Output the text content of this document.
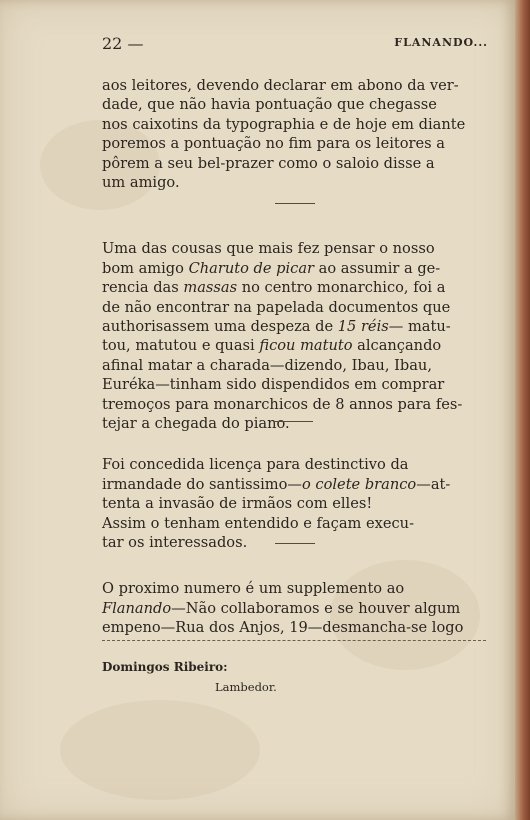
22 —	FLANANDO...
aos leitores, devendo declarar em abono da ver-
dade, que não havia pontuação que chegasse
nos caixotins da typographia e de hoje em diante
poremos a pontuação no fim para os leitores a
pôrem a seu bel-prazer como o saloio disse a
um amigo.

Uma das cousas que mais fez pensar o nosso
bom amigo Charuto de picar ao assumir a ge-
rencia das massas no centro monarchico, foi a
de não encontrar na papelada documentos que
authorisassem uma despeza de 15 réis— matu-
tou, matutou e quasi ficou matuto alcançando
afinal matar a charada—dizendo, Ibau, Ibau,
Euréka—tinham sido dispendidos em comprar
tremoços para monarchicos de 8 annos para fes-
tejar a chegada do piano.

Foi concedida licença para destinctivo da
irmandade do santissimo—o colete branco—at-
tenta a invasão de irmãos com elles!
Assim o tenham entendido e façam execu-
tar os interessados.

O proximo numero é um supplemento ao
Flanando—Não collaboramos e se houver algum
empeno—Rua dos Anjos, 19—desmancha-se logo

Domingos Ribeiro:
Lambedor.
